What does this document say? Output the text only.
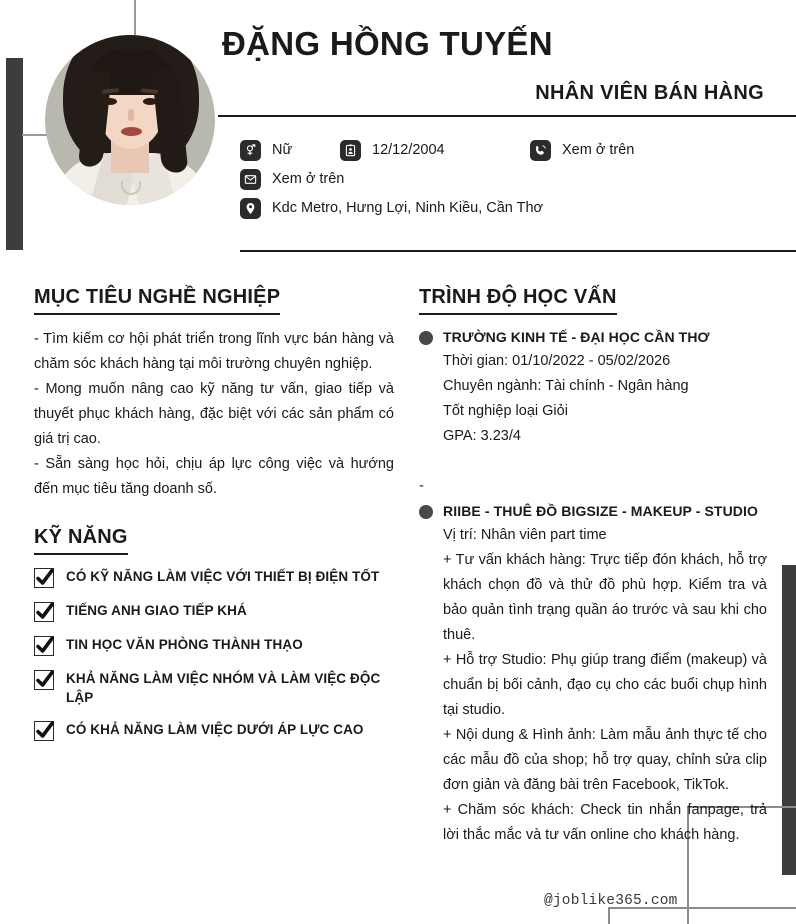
ĐẶNG HỒNG TUYẾN
NHÂN VIÊN BÁN HÀNG
Nữ	12/12/2004	Xem ở trên
Xem ở trên
Kdc Metro, Hưng Lợi, Ninh Kiều, Cần Thơ
MỤC TIÊU NGHỀ NGHIỆP

- Tìm kiếm cơ hội phát triển trong lĩnh vực bán hàng và chăm sóc khách hàng tại môi trường chuyên nghiệp.

- Mong muốn nâng cao kỹ năng tư vấn, giao tiếp và thuyết phục khách hàng, đặc biệt với các sản phẩm có giá trị cao.

- Sẵn sàng học hỏi, chịu áp lực công việc và hướng đến mục tiêu tăng doanh số.

KỸ NĂNG
CÓ KỸ NĂNG LÀM VIỆC VỚI THIẾT BỊ ĐIỆN TỐT
TIẾNG ANH GIAO TIẾP KHÁ
TIN HỌC VĂN PHÒNG THÀNH THẠO
KHẢ NĂNG LÀM VIỆC NHÓM VÀ LÀM VIỆC ĐỘC LẬP
CÓ KHẢ NĂNG LÀM VIỆC DƯỚI ÁP LỰC CAO
TRÌNH ĐỘ HỌC VẤN
TRƯỜNG KINH TẾ - ĐẠI HỌC CẦN THƠ
Thời gian: 01/10/2022 - 05/02/2026
Chuyên ngành: Tài chính - Ngân hàng
Tốt nghiệp loại Giỏi
GPA: 3.23/4
-
RIIBE - THUÊ ĐỒ BIGSIZE - MAKEUP - STUDIO
Vị trí: Nhân viên part time
+ Tư vấn khách hàng: Trực tiếp đón khách, hỗ trợ khách chọn đồ và thử đồ phù hợp. Kiểm tra và bảo quản tình trạng quần áo trước và sau khi cho thuê.
+ Hỗ trợ Studio: Phụ giúp trang điểm (makeup) và chuẩn bị bối cảnh, đạo cụ cho các buổi chụp hình tại studio.
+ Nội dung & Hình ảnh: Làm mẫu ảnh thực tế cho các mẫu đồ của shop; hỗ trợ quay, chỉnh sửa clip đơn giản và đăng bài trên Facebook, TikTok.
+ Chăm sóc khách: Check tin nhắn fanpage, trả lời thắc mắc và tư vấn online cho khách hàng.
@joblike365.com
